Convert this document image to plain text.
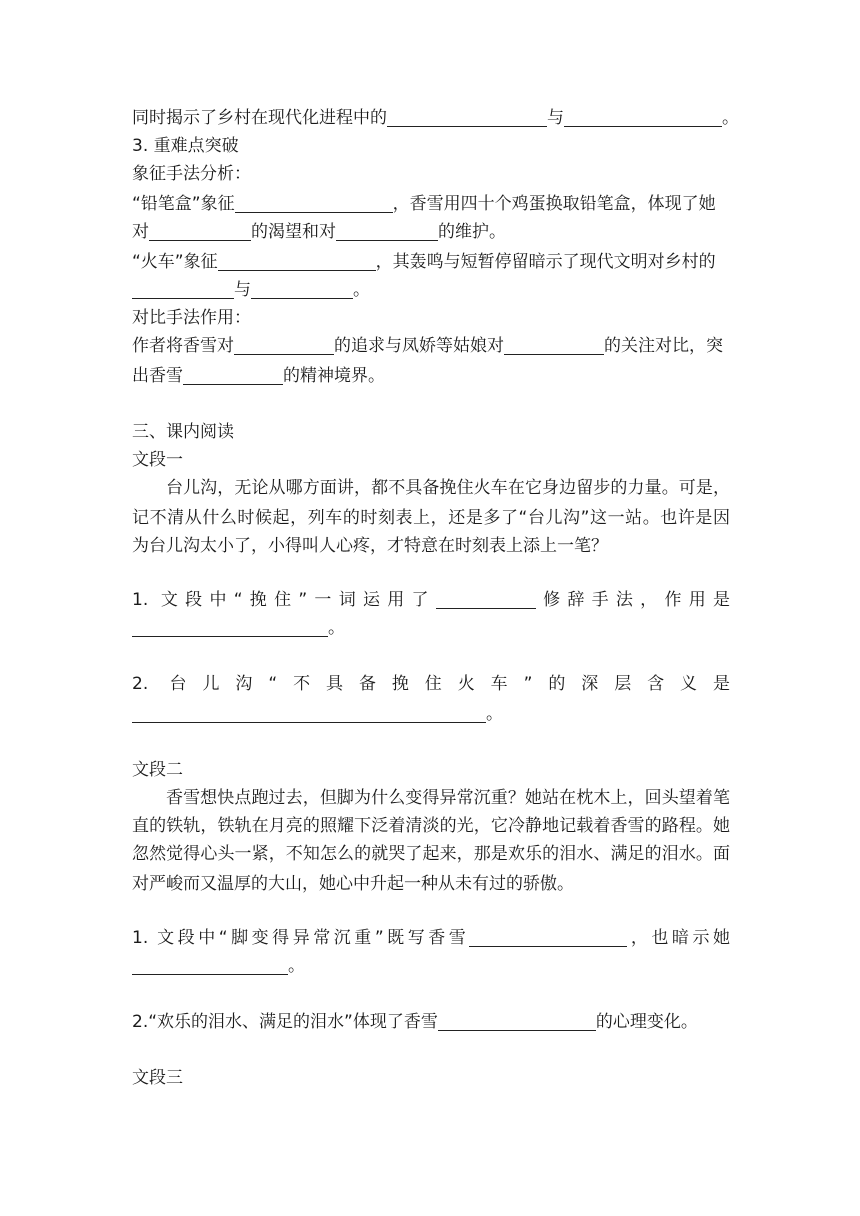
同时揭示了乡村在现代化进程中的	与	。
3. 重难点突破
象征手法分析：
“铅笔盒”象征	，香雪用四十个鸡蛋换取铅笔盒，体现了她
对	的渴望和对	的维护。
“火车”象征	，其轰鸣与短暂停留暗示了现代文明对乡村的
与	。
对比手法作用：
作者将香雪对	的追求与凤娇等姑娘对	的关注对比，突
出香雪	的精神境界。
三、课内阅读
文段一
台儿沟，无论从哪方面讲，都不具备挽住火车在它身边留步的力量。可是，
记不清从什么时候起，列车的时刻表上，还是多了“台儿沟”这一站。也许是因
为台儿沟太小了，小得叫人心疼，才特意在时刻表上添上一笔？
1. 文段中“挽住”一词运用了	修辞手法，作用是
。
2. 台儿沟“不具备挽住火车”的深层含义是
。
文段二
香雪想快点跑过去，但脚为什么变得异常沉重？她站在枕木上，回头望着笔
直的铁轨，铁轨在月亮的照耀下泛着清淡的光，它冷静地记载着香雪的路程。她
忽然觉得心头一紧，不知怎么的就哭了起来，那是欢乐的泪水、满足的泪水。面
对严峻而又温厚的大山，她心中升起一种从未有过的骄傲。
1. 文段中“脚变得异常沉重”既写香雪	，也暗示她
。
2.“欢乐的泪水、满足的泪水”体现了香雪	的心理变化。
文段三
